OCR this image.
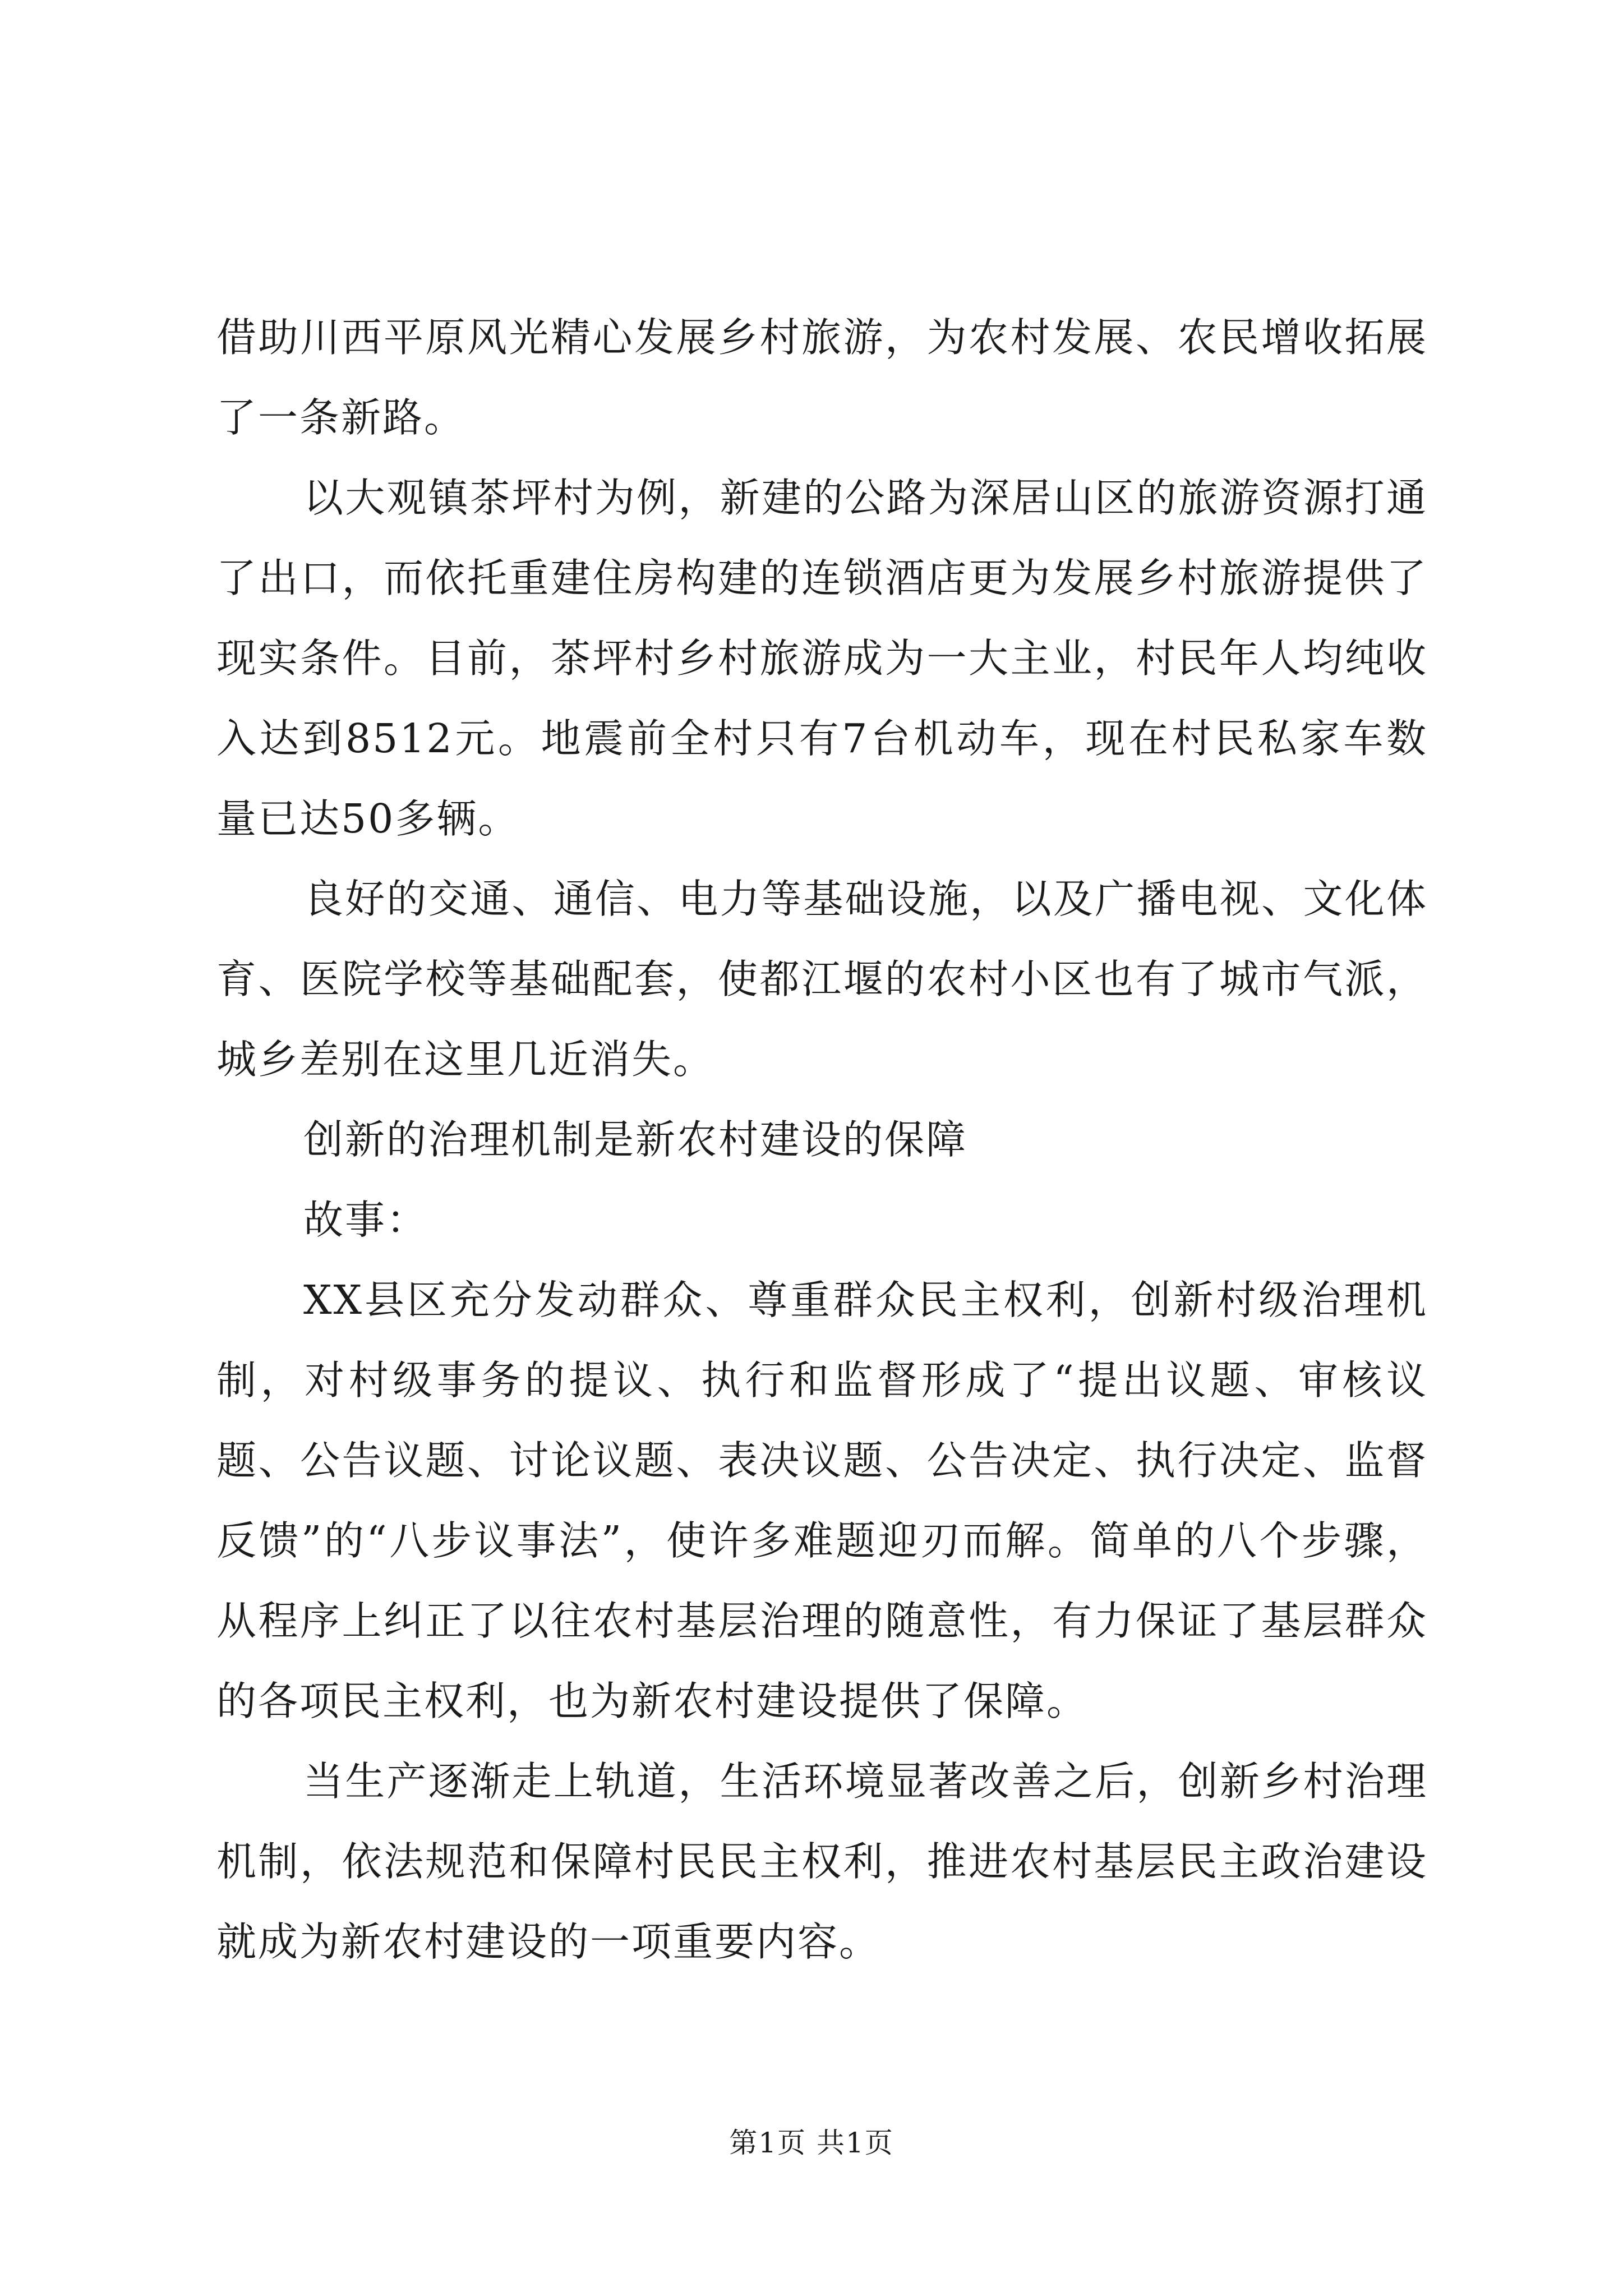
借助川西平原风光精心发展乡村旅游，为农村发展、农民增收拓展了一条新路。

以大观镇茶坪村为例，新建的公路为深居山区的旅游资源打通了出口，而依托重建住房构建的连锁酒店更为发展乡村旅游提供了现实条件。目前，茶坪村乡村旅游成为一大主业，村民年人均纯收入达到8512元。地震前全村只有7台机动车，现在村民私家车数量已达50多辆。

良好的交通、通信、电力等基础设施，以及广播电视、文化体育、医院学校等基础配套，使都江堰的农村小区也有了城市气派，城乡差别在这里几近消失。

创新的治理机制是新农村建设的保障

故事：

XX县区充分发动群众、尊重群众民主权利，创新村级治理机制，对村级事务的提议、执行和监督形成了“提出议题、审核议题、公告议题、讨论议题、表决议题、公告决定、执行决定、监督反馈”的“八步议事法”，使许多难题迎刃而解。简单的八个步骤，从程序上纠正了以往农村基层治理的随意性，有力保证了基层群众的各项民主权利，也为新农村建设提供了保障。

当生产逐渐走上轨道，生活环境显著改善之后，创新乡村治理机制，依法规范和保障村民民主权利，推进农村基层民主政治建设就成为新农村建设的一项重要内容。

第1页 共1页
